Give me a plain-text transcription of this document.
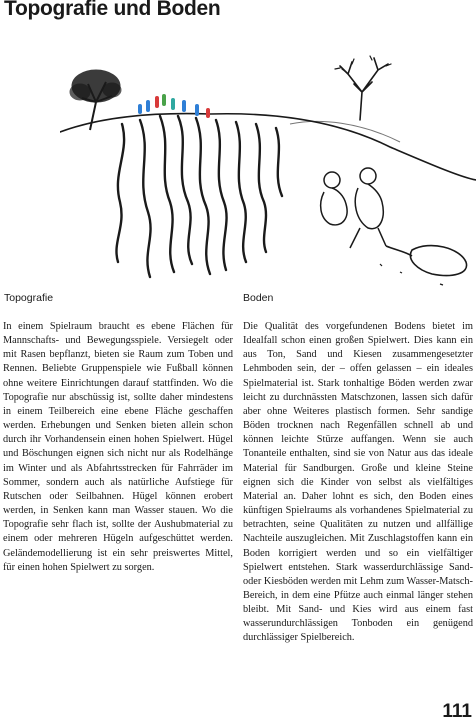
Topografie und Boden
Topografie	Boden

In einem Spielraum braucht es ebene Flächen für Mannschafts- und Bewegungsspiele. Versiegelt oder mit Rasen bepflanzt, bieten sie Raum zum Toben und Rennen. Beliebte Gruppenspiele wie Fußball können ohne weitere Einrichtungen darauf stattfinden. Wo die Topografie nur abschüssig ist, sollte daher mindestens in einem Teilbereich eine ebene Fläche geschaffen werden. Erhebungen und Senken bieten allein schon durch ihr Vorhandensein einen hohen Spielwert. Hügel und Böschungen eignen sich nicht nur als Rodelhänge im Winter und als Abfahrtsstrecken für Fahrräder im Sommer, sondern auch als natürliche Aufstiege für Rutschen oder Seilbahnen. Hügel können erobert werden, in Senken kann man Wasser stauen. Wo die Topografie sehr flach ist, sollte der Aushubmaterial zu einem oder mehreren Hügeln aufgeschüttet werden. Geländemodellierung ist ein sehr preiswertes Mittel, für einen hohen Spielwert zu sorgen.

Die Qualität des vorgefundenen Bodens bietet im Idealfall schon einen großen Spielwert. Dies kann ein aus Ton, Sand und Kiesen zusammengesetzter Lehmboden sein, der – offen gelassen – ein ideales Spielmaterial ist. Stark tonhaltige Böden werden zwar leicht zu durchnässten Matschzonen, lassen sich dafür aber ohne Weiteres plastisch formen. Sehr sandige Böden trocknen nach Regenfällen schnell ab und können leichte Stürze auffangen. Wenn sie auch Tonanteile enthalten, sind sie von Natur aus das ideale Material für Sandburgen. Große und kleine Steine eignen sich die Kinder von selbst als vielfältiges Material an. Daher lohnt es sich, den Boden eines künftigen Spielraums als vorhandenes Spielmaterial zu betrachten, seine Qualitäten zu nutzen und allfällige Nachteile auszugleichen. Mit Zuschlagstoffen kann ein Boden korrigiert werden und so ein vielfältiger Spielwert entstehen. Stark wasserdurchlässige Sand- oder Kiesböden werden mit Lehm zum Wasser-Matsch-Bereich, in dem eine Pfütze auch einmal länger stehen bleibt. Mit Sand- und Kies wird aus einem fast wasserundurchlässigen Tonboden ein genügend durchlässiger Spielbereich.

111
